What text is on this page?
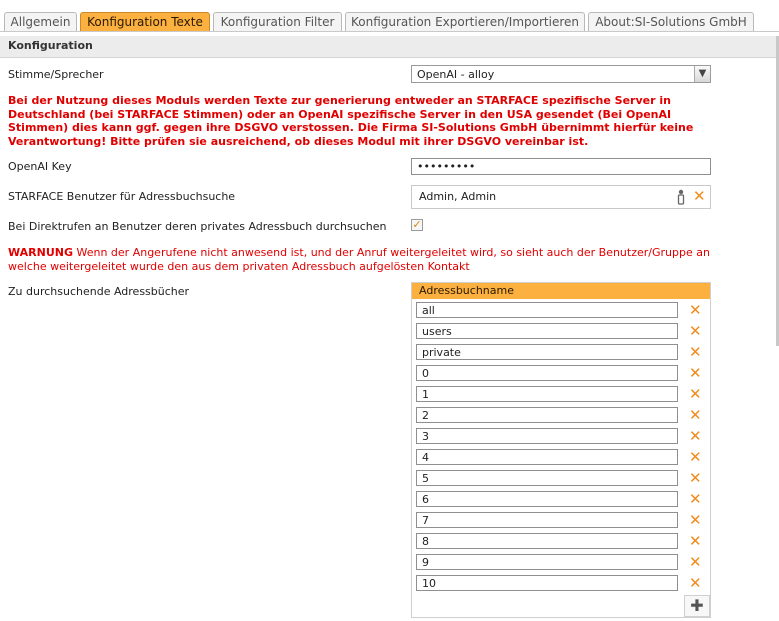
Allgemein	Konfiguration Texte	Konfiguration Filter	Konfiguration Exportieren/Importieren	About:SI-Solutions GmbH
Konfiguration
Stimme/Sprecher	OpenAI - alloy	▼
Bei der Nutzung dieses Moduls werden Texte zur generierung entweder an STARFACE spezifische Server in Deutschland (bei STARFACE Stimmen) oder an OpenAI spezifische Server in den USA gesendet (Bei OpenAI Stimmen) dies kann ggf. gegen ihre DSGVO verstossen. Die Firma SI-Solutions GmbH übernimmt hierfür keine Verantwortung! Bitte prüfen sie ausreichend, ob dieses Modul mit ihrer DSGVO vereinbar ist.
OpenAI Key	•••••••••
STARFACE Benutzer für Adressbuchsuche	Admin, Admin	✕
Bei Direktrufen an Benutzer deren privates Adressbuch durchsuchen ✓
WARNUNG Wenn der Angerufene nicht anwesend ist, und der Anruf weitergeleitet wird, so sieht auch der Benutzer/Gruppe an welche weitergeleitet wurde den aus dem privaten Adressbuch aufgelösten Kontakt
Zu durchsuchende Adressbücher	Adressbuchname
all	✕
users	✕
private	✕
0	✕
1	✕
2	✕
3	✕
4	✕
5	✕
6	✕
7	✕
8	✕
9	✕
10	✕
✚
